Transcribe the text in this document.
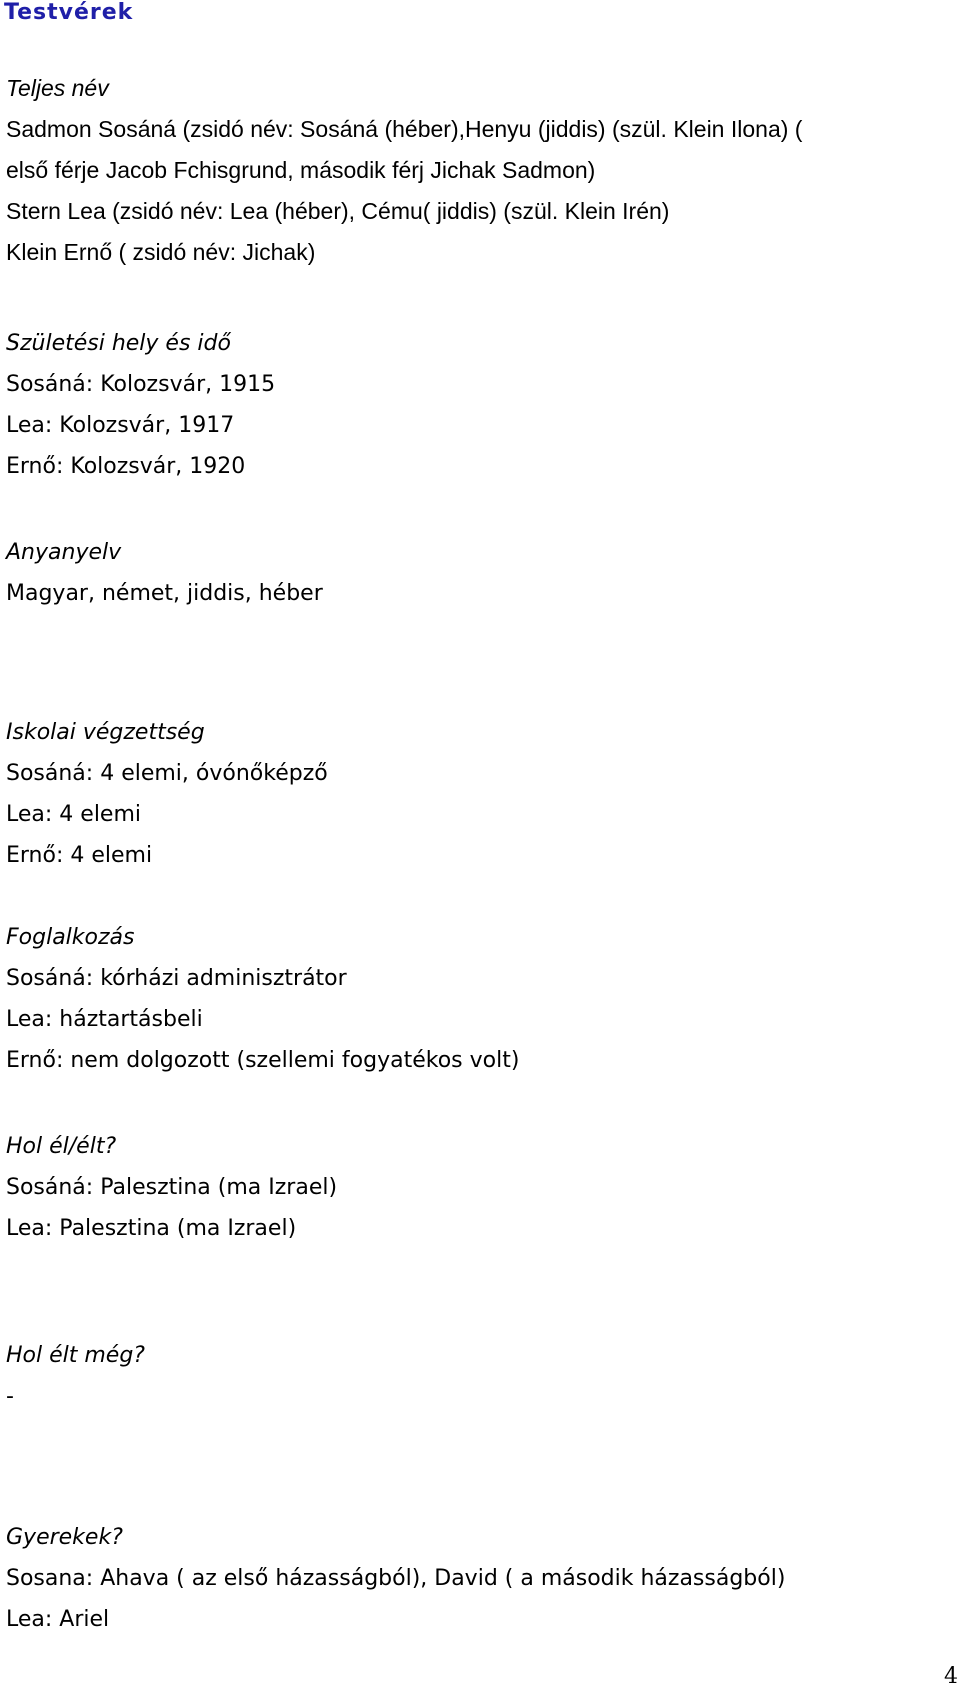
Testvérek
Teljes név
Sadmon Sosáná (zsidó név: Sosáná (héber),Henyu (jiddis) (szül. Klein Ilona) (
első férje Jacob Fchisgrund, második férj Jichak Sadmon)
Stern Lea (zsidó név: Lea (héber), Cému( jiddis) (szül. Klein Irén)
Klein Ernő ( zsidó név: Jichak)
Születési hely és idő
Sosáná: Kolozsvár, 1915
Lea: Kolozsvár, 1917
Ernő: Kolozsvár, 1920
Anyanyelv
Magyar, német, jiddis, héber
Iskolai végzettség
Sosáná: 4 elemi, óvónőképző
Lea: 4 elemi
Ernő: 4 elemi
Foglalkozás
Sosáná: kórházi adminisztrátor
Lea: háztartásbeli
Ernő: nem dolgozott (szellemi fogyatékos volt)
Hol él/élt?
Sosáná: Palesztina (ma Izrael)
Lea: Palesztina (ma Izrael)
Hol élt még?
-
Gyerekek?
Sosana: Ahava ( az első házasságból), David ( a második házasságból)
Lea: Ariel
4
